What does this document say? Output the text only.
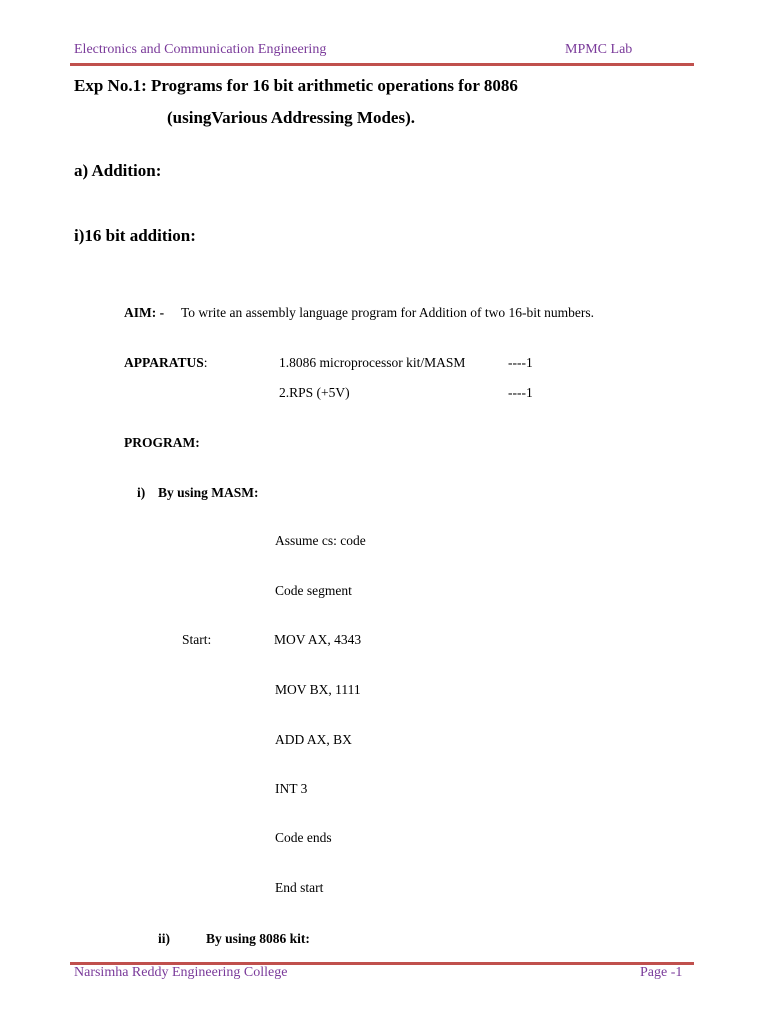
Electronics and Communication Engineering	MPMC Lab
Exp No.1: Programs for 16 bit arithmetic operations for 8086
(usingVarious Addressing Modes).
a) Addition:
i)16 bit addition:
AIM: - To write an assembly language program for Addition of two 16-bit numbers.
APPARATUS:	1.8086 microprocessor kit/MASM	----1
2.RPS (+5V)	----1
PROGRAM:
i) By using MASM:
Assume cs: code
Code segment
Start:	MOV AX, 4343
MOV BX, 1111
ADD AX, BX
INT 3
Code ends
End start
ii)	By using 8086 kit:
Narsimha Reddy Engineering College	Page -1
